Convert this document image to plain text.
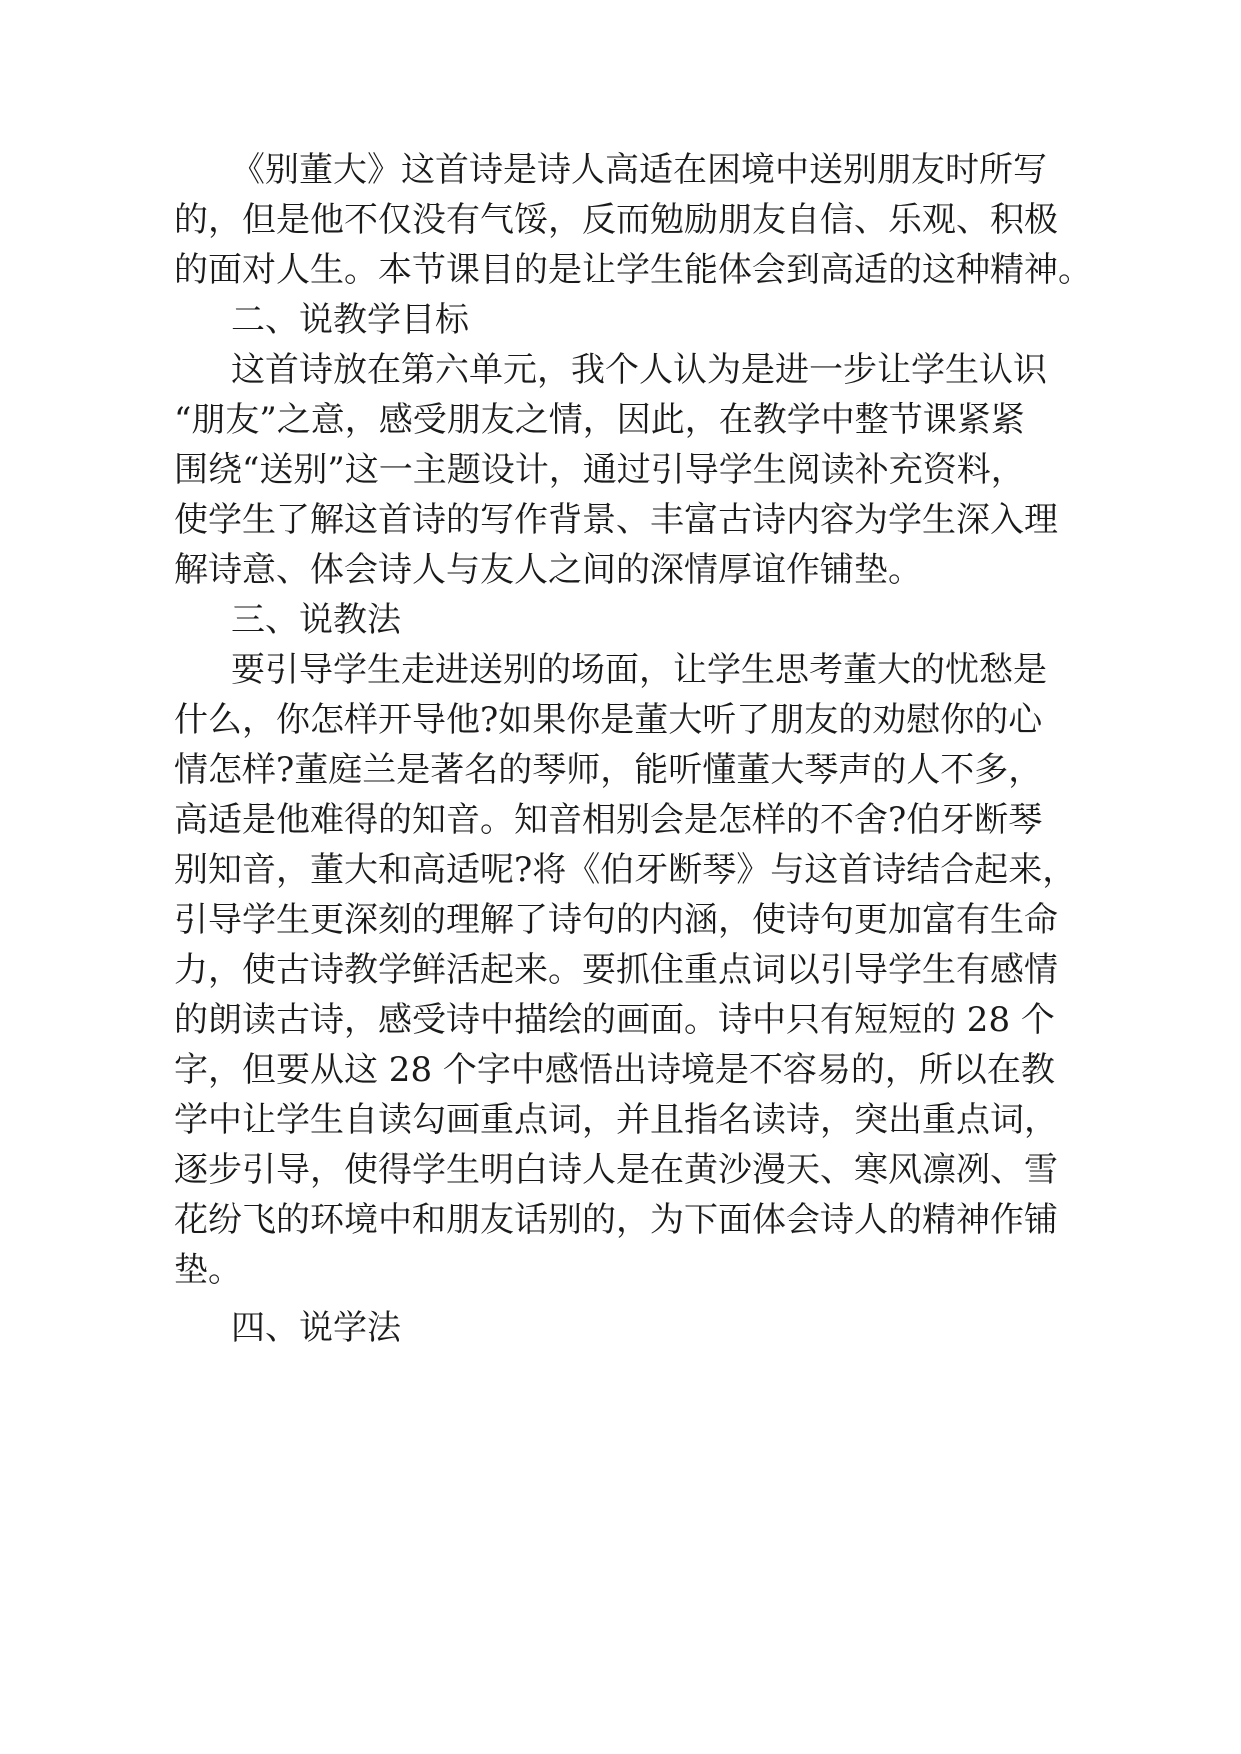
《别董大》这首诗是诗人高适在困境中送别朋友时所写
的，但是他不仅没有气馁，反而勉励朋友自信、乐观、积极
的面对人生。本节课目的是让学生能体会到高适的这种精神。
二、说教学目标
这首诗放在第六单元，我个人认为是进一步让学生认识
“朋友”之意，感受朋友之情，因此，在教学中整节课紧紧
围绕“送别”这一主题设计，通过引导学生阅读补充资料，
使学生了解这首诗的写作背景、丰富古诗内容为学生深入理
解诗意、体会诗人与友人之间的深情厚谊作铺垫。
三、说教法
要引导学生走进送别的场面，让学生思考董大的忧愁是
什么，你怎样开导他?如果你是董大听了朋友的劝慰你的心
情怎样?董庭兰是著名的琴师，能听懂董大琴声的人不多，
高适是他难得的知音。知音相别会是怎样的不舍?伯牙断琴
别知音，董大和高适呢?将《伯牙断琴》与这首诗结合起来，
引导学生更深刻的理解了诗句的内涵，使诗句更加富有生命
力，使古诗教学鲜活起来。要抓住重点词以引导学生有感情
的朗读古诗，感受诗中描绘的画面。诗中只有短短的 28 个
字，但要从这 28 个字中感悟出诗境是不容易的，所以在教
学中让学生自读勾画重点词，并且指名读诗，突出重点词，
逐步引导，使得学生明白诗人是在黄沙漫天、寒风凛冽、雪
花纷飞的环境中和朋友话别的，为下面体会诗人的精神作铺
垫。
四、说学法
